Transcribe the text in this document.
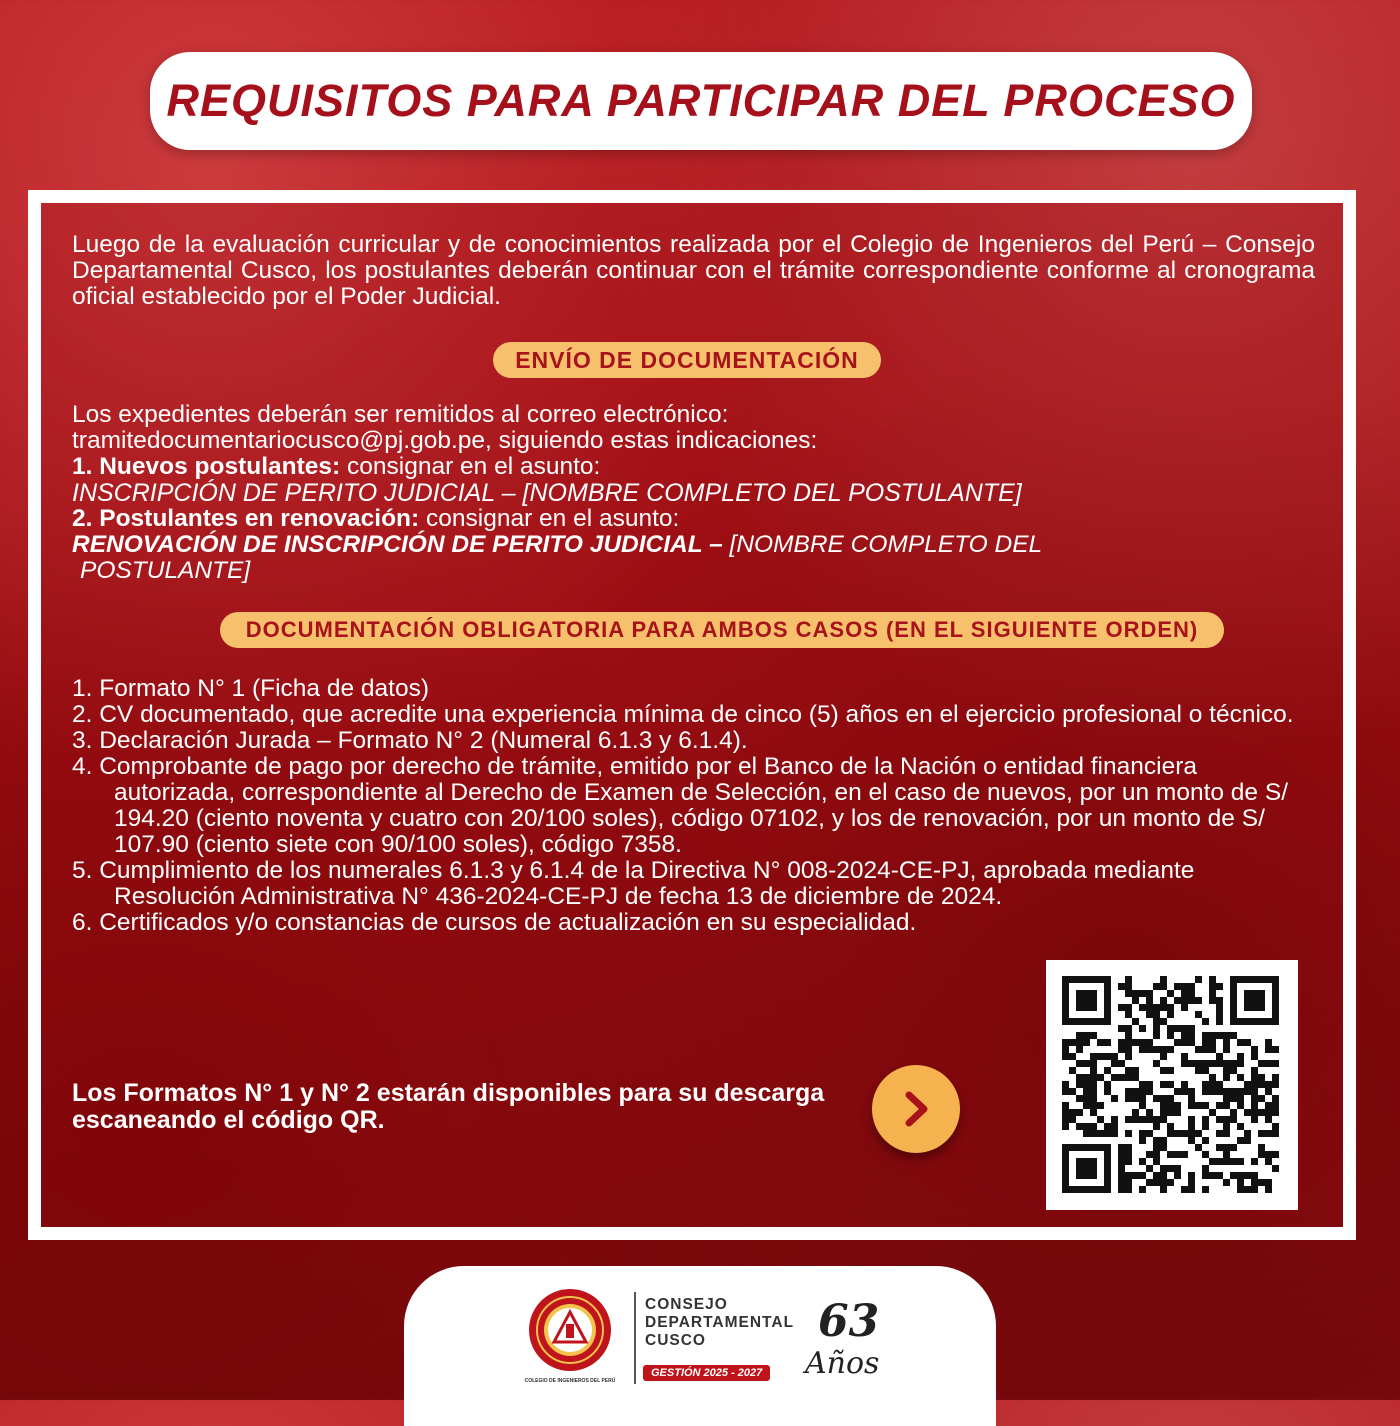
REQUISITOS PARA PARTICIPAR DEL PROCESO
Luego de la evaluación curricular y de conocimientos realizada por el Colegio de Ingenieros del Perú – Consejo Departamental Cusco, los postulantes deberán continuar con el trámite correspondiente conforme al cronograma oficial establecido por el Poder Judicial.
ENVÍO DE DOCUMENTACIÓN
Los expedientes deberán ser remitidos al correo electrónico:
tramitedocumentariocusco@pj.gob.pe, siguiendo estas indicaciones:
1. Nuevos postulantes: consignar en el asunto:
INSCRIPCIÓN DE PERITO JUDICIAL – [NOMBRE COMPLETO DEL POSTULANTE]
2. Postulantes en renovación: consignar en el asunto:
RENOVACIÓN DE INSCRIPCIÓN DE PERITO JUDICIAL – [NOMBRE COMPLETO DEL
POSTULANTE]
DOCUMENTACIÓN OBLIGATORIA PARA AMBOS CASOS (EN EL SIGUIENTE ORDEN)
1. Formato N° 1 (Ficha de datos)
2. CV documentado, que acredite una experiencia mínima de cinco (5) años en el ejercicio profesional o técnico.
3. Declaración Jurada – Formato N° 2 (Numeral 6.1.3 y 6.1.4).
4. Comprobante de pago por derecho de trámite, emitido por el Banco de la Nación o entidad financiera autorizada, correspondiente al Derecho de Examen de Selección, en el caso de nuevos, por un monto de S/ 194.20 (ciento noventa y cuatro con 20/100 soles), código 07102, y los de renovación, por un monto de S/ 107.90 (ciento siete con 90/100 soles), código 7358.
5. Cumplimiento de los numerales 6.1.3 y 6.1.4 de la Directiva N° 008-2024-CE-PJ, aprobada mediante Resolución Administrativa N° 436-2024-CE-PJ de fecha 13 de diciembre de 2024.
6. Certificados y/o constancias de cursos de actualización en su especialidad.
Los Formatos N° 1 y N° 2 estarán disponibles para su descarga escaneando el código QR.
COLEGIO DE INGENIEROS DEL PERÚ
CONSEJO
DEPARTAMENTAL
CUSCO
GESTIÓN 2025 - 2027
63
Años
